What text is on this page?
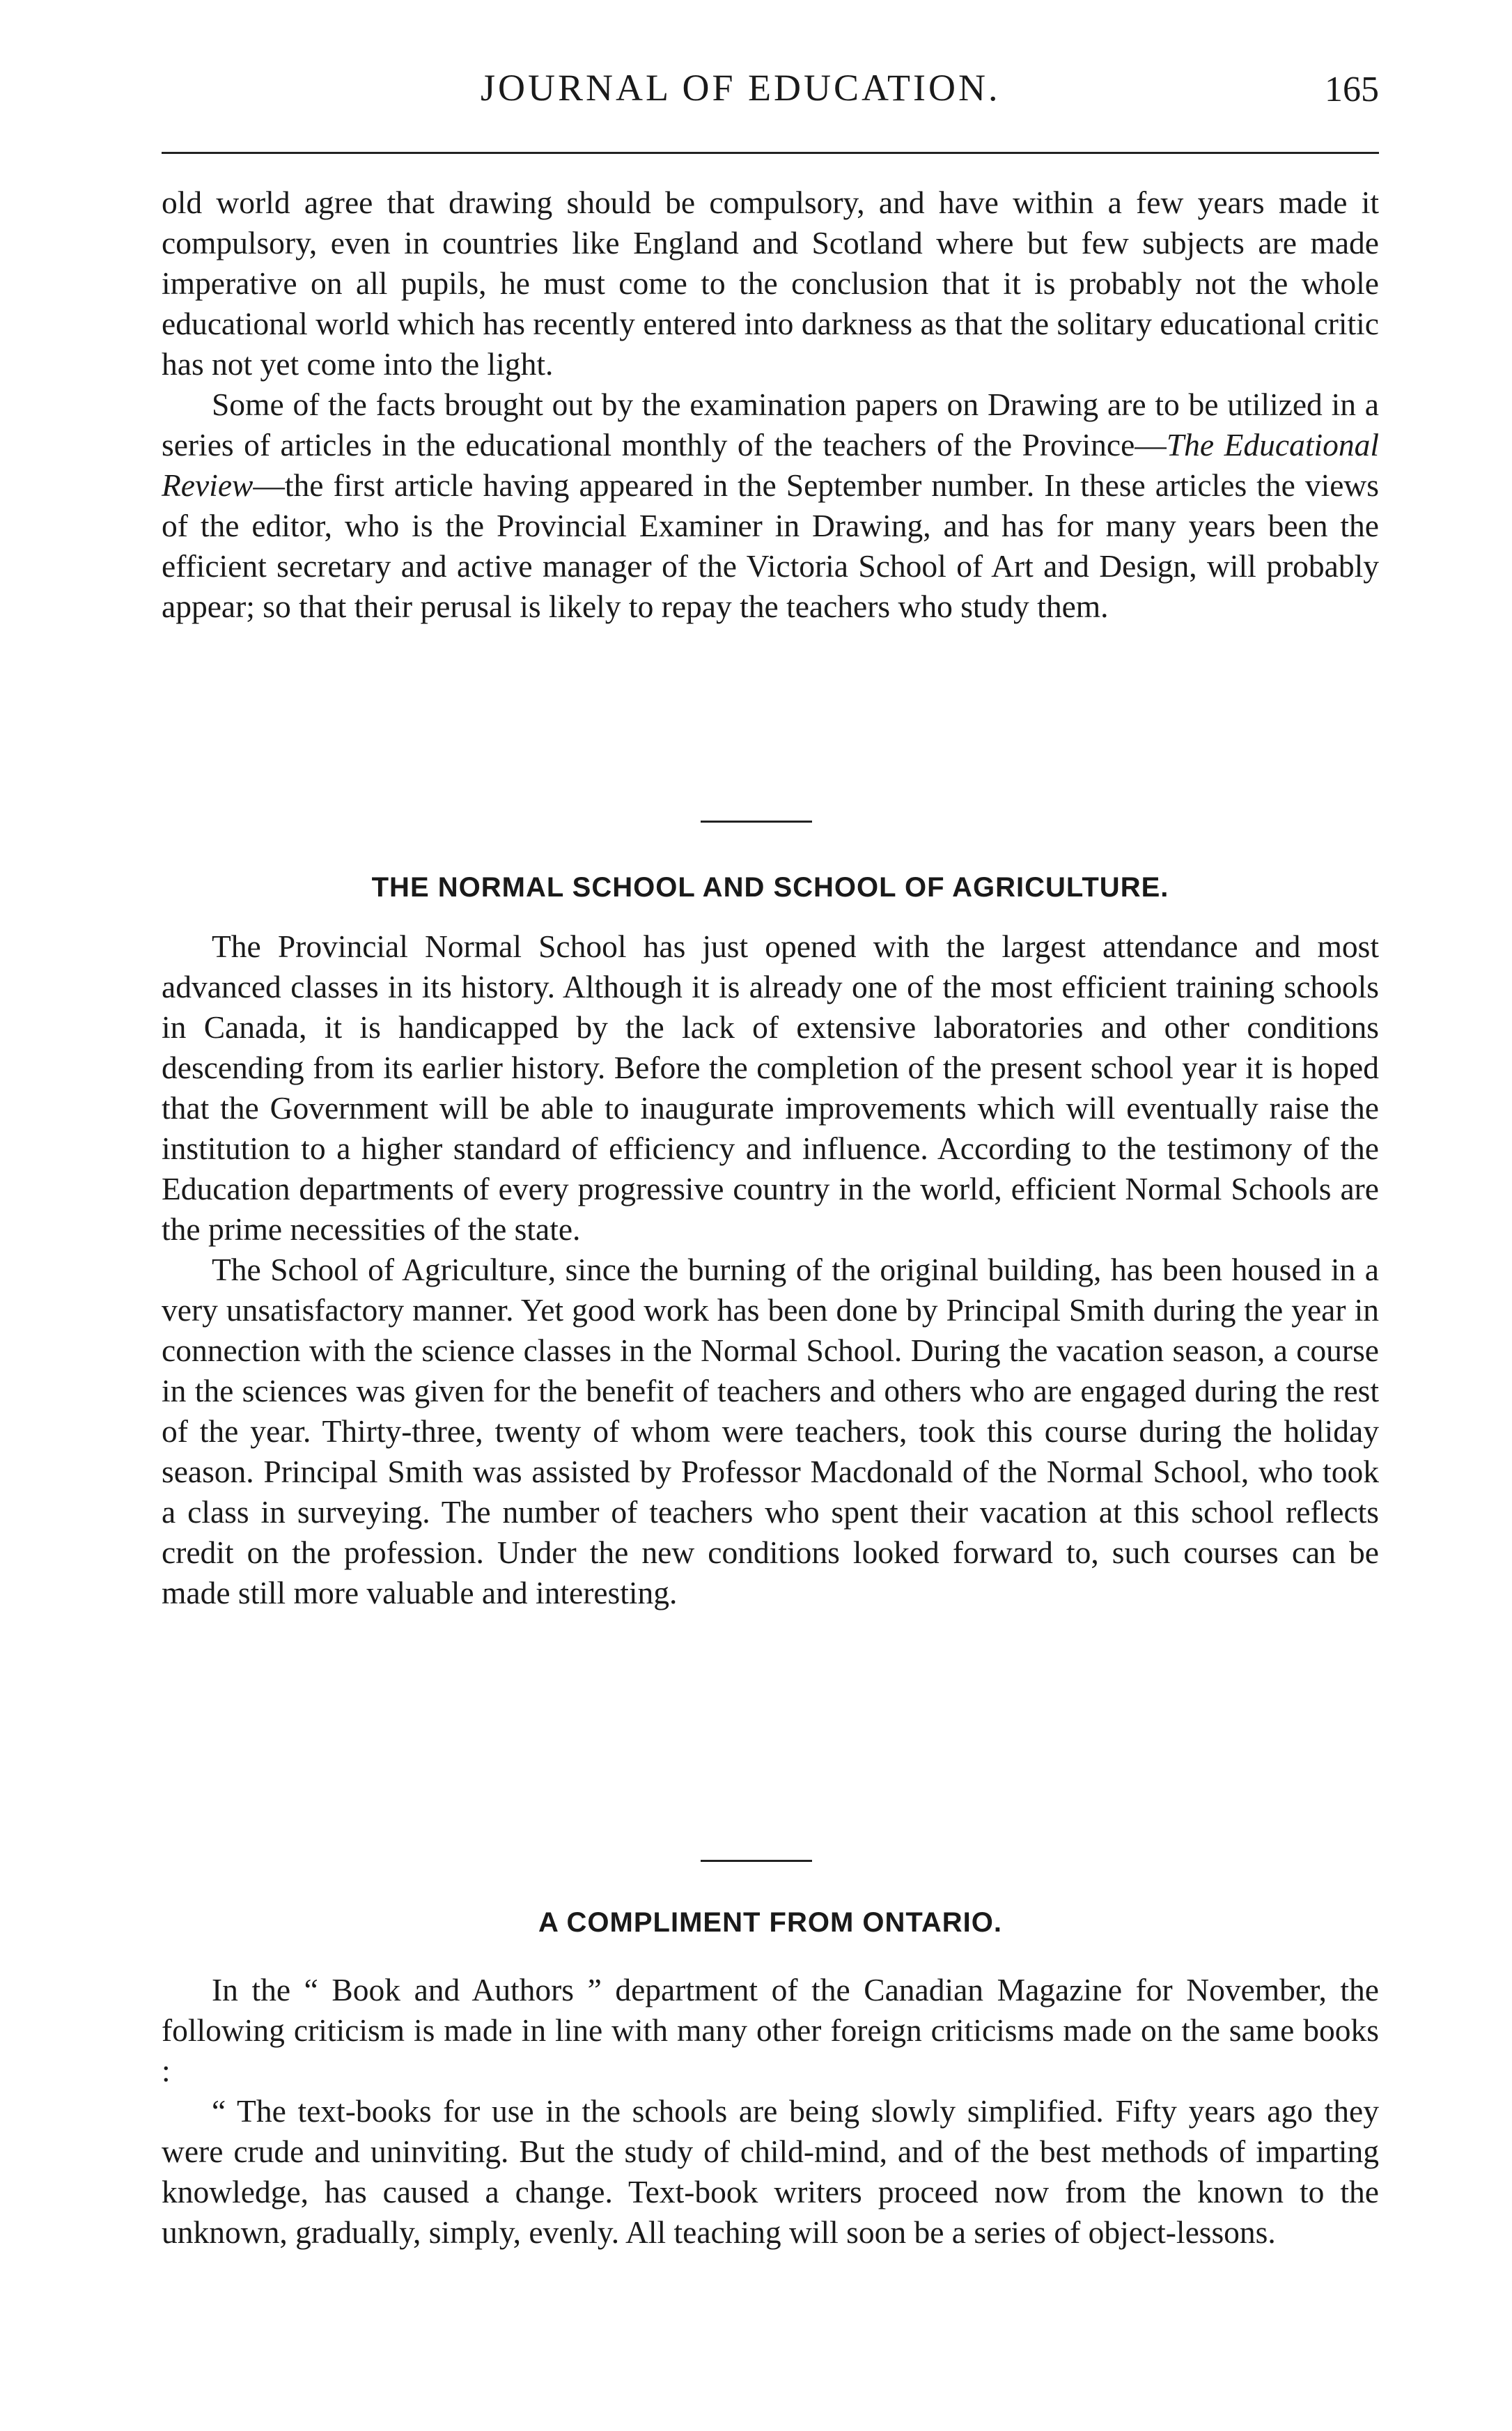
JOURNAL OF EDUCATION.	165

old world agree that drawing should be compulsory, and have within a few years made it compulsory, even in countries like England and Scotland where but few subjects are made imperative on all pupils, he must come to the conclusion that it is probably not the whole educational world which has recently entered into darkness as that the solitary educational critic has not yet come into the light.

Some of the facts brought out by the examination papers on Drawing are to be utilized in a series of articles in the educational monthly of the teachers of the Province—The Educational Review—the first article having appeared in the September number. In these articles the views of the editor, who is the Provincial Examiner in Drawing, and has for many years been the efficient secretary and active manager of the Victoria School of Art and Design, will probably appear; so that their perusal is likely to repay the teachers who study them.

THE NORMAL SCHOOL AND SCHOOL OF AGRICULTURE.

The Provincial Normal School has just opened with the largest attendance and most advanced classes in its history. Although it is already one of the most efficient training schools in Canada, it is handicapped by the lack of extensive laboratories and other conditions descending from its earlier history. Before the completion of the present school year it is hoped that the Government will be able to inaugurate improvements which will eventually raise the institution to a higher standard of efficiency and influence. According to the testimony of the Education departments of every progressive country in the world, efficient Normal Schools are the prime necessities of the state.

The School of Agriculture, since the burning of the original building, has been housed in a very unsatisfactory manner. Yet good work has been done by Principal Smith during the year in connection with the science classes in the Normal School. During the vacation season, a course in the sciences was given for the benefit of teachers and others who are engaged during the rest of the year. Thirty-three, twenty of whom were teachers, took this course during the holiday season. Principal Smith was assisted by Professor Macdonald of the Normal School, who took a class in surveying. The number of teachers who spent their vacation at this school reflects credit on the profession. Under the new conditions looked forward to, such courses can be made still more valuable and interesting.

A COMPLIMENT FROM ONTARIO.

In the “ Book and Authors ” department of the Canadian Magazine for November, the following criticism is made in line with many other foreign criticisms made on the same books :

“ The text-books for use in the schools are being slowly simplified. Fifty years ago they were crude and uninviting. But the study of child-mind, and of the best methods of imparting knowledge, has caused a change. Text-book writers proceed now from the known to the unknown, gradually, simply, evenly. All teaching will soon be a series of object-lessons.
